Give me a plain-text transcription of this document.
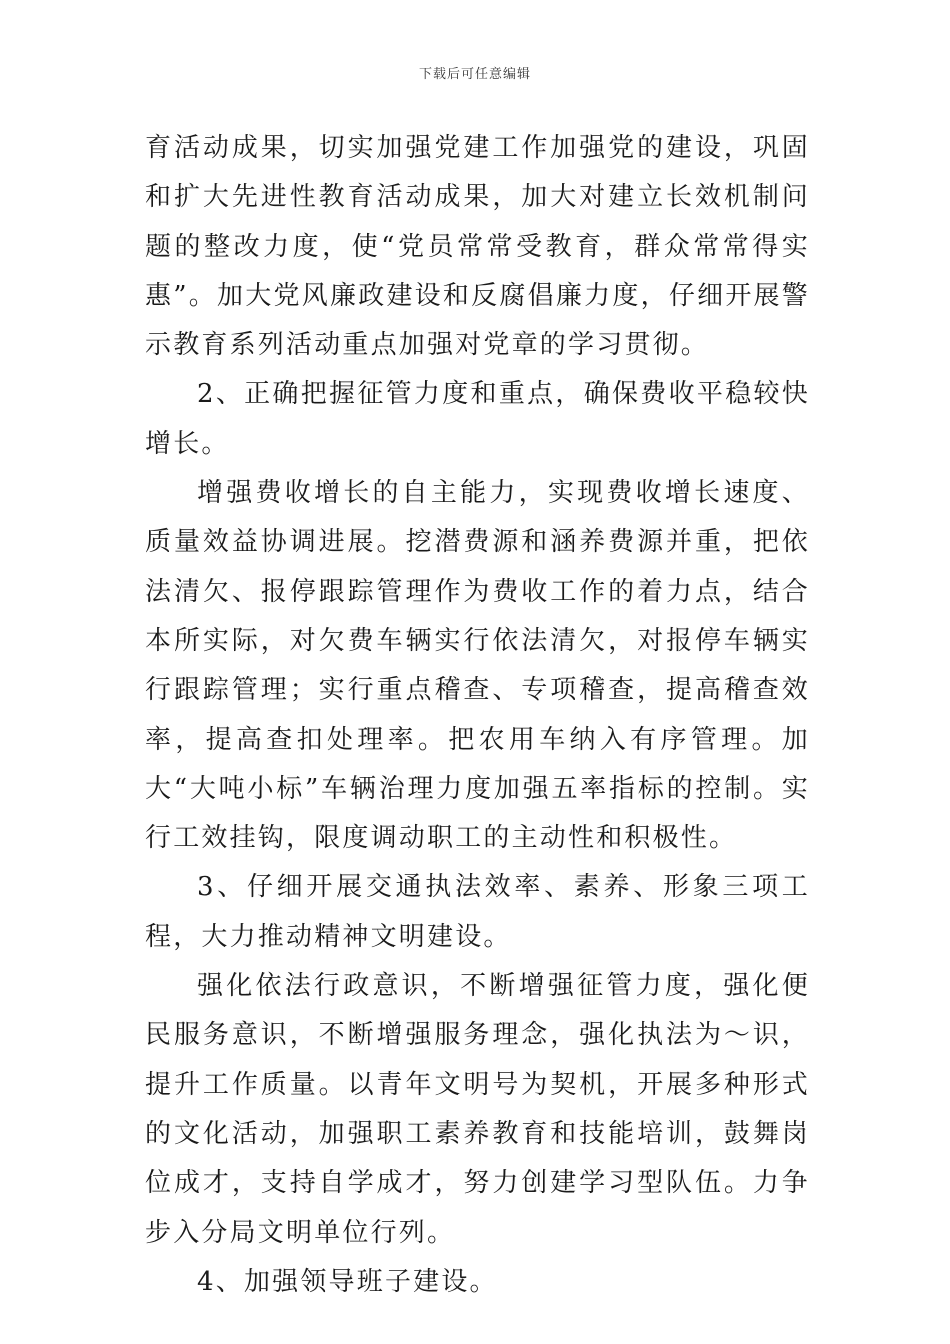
下载后可任意编辑

育活动成果，切实加强党建工作加强党的建设，巩固和扩大先进性教育活动成果，加大对建立长效机制问题的整改力度，使“党员常常受教育，群众常常得实惠”。加大党风廉政建设和反腐倡廉力度，仔细开展警示教育系列活动重点加强对党章的学习贯彻。

2、正确把握征管力度和重点，确保费收平稳较快增长。

增强费收增长的自主能力，实现费收增长速度、质量效益协调进展。挖潜费源和涵养费源并重，把依法清欠、报停跟踪管理作为费收工作的着力点，结合本所实际，对欠费车辆实行依法清欠，对报停车辆实行跟踪管理；实行重点稽查、专项稽查，提高稽查效率，提高查扣处理率。把农用车纳入有序管理。加大“大吨小标”车辆治理力度加强五率指标的控制。实行工效挂钩，限度调动职工的主动性和积极性。

3、仔细开展交通执法效率、素养、形象三项工程，大力推动精神文明建设。

强化依法行政意识，不断增强征管力度，强化便民服务意识，不断增强服务理念，强化执法为～识，提升工作质量。以青年文明号为契机，开展多种形式的文化活动，加强职工素养教育和技能培训，鼓舞岗位成才，支持自学成才，努力创建学习型队伍。力争步入分局文明单位行列。

4、加强领导班子建设。
